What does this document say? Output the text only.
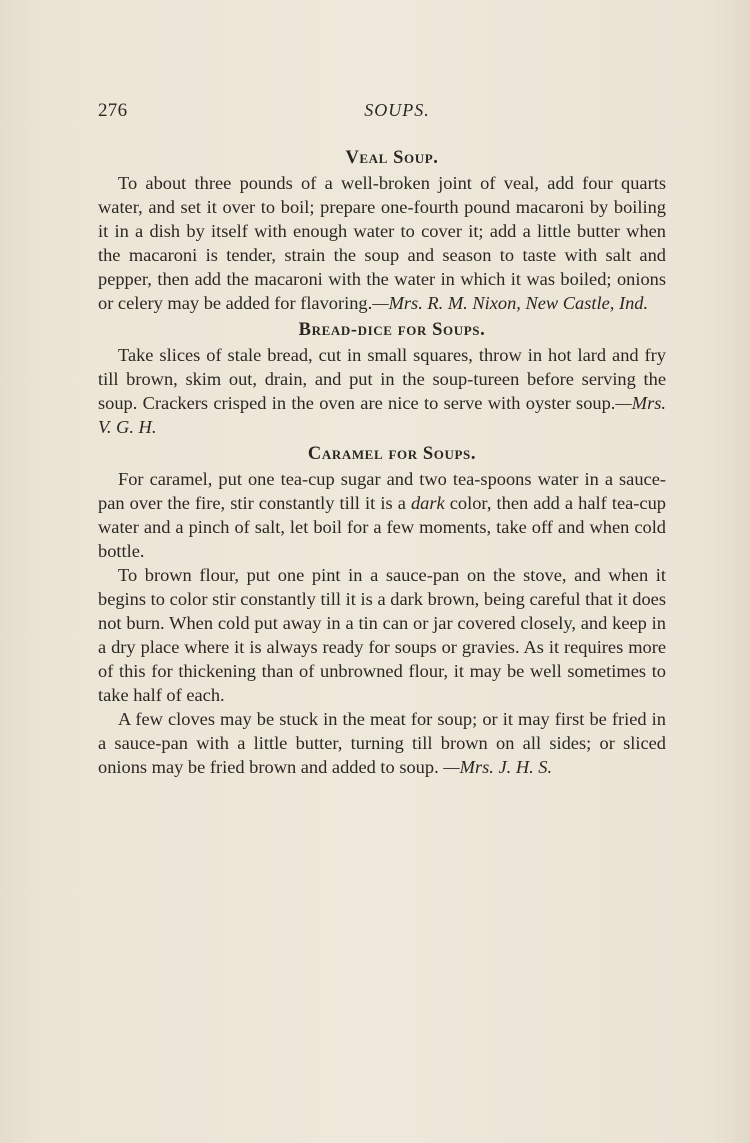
276	SOUPS.
Veal Soup.

To about three pounds of a well-broken joint of veal, add four quarts water, and set it over to boil; prepare one-fourth pound macaroni by boiling it in a dish by itself with enough water to cover it; add a little butter when the macaroni is tender, strain the soup and season to taste with salt and pepper, then add the macaroni with the water in which it was boiled; onions or celery may be added for flavoring.—Mrs. R. M. Nixon, New Castle, Ind.

Bread-dice for Soups.

Take slices of stale bread, cut in small squares, throw in hot lard and fry till brown, skim out, drain, and put in the soup-tureen before serving the soup. Crackers crisped in the oven are nice to serve with oyster soup.—Mrs. V. G. H.

Caramel for Soups.

For caramel, put one tea-cup sugar and two tea-spoons water in a sauce-pan over the fire, stir constantly till it is a dark color, then add a half tea-cup water and a pinch of salt, let boil for a few moments, take off and when cold bottle.

To brown flour, put one pint in a sauce-pan on the stove, and when it begins to color stir constantly till it is a dark brown, being careful that it does not burn. When cold put away in a tin can or jar covered closely, and keep in a dry place where it is always ready for soups or gravies. As it requires more of this for thickening than of unbrowned flour, it may be well sometimes to take half of each.

A few cloves may be stuck in the meat for soup; or it may first be fried in a sauce-pan with a little butter, turning till brown on all sides; or sliced onions may be fried brown and added to soup. —Mrs. J. H. S.
